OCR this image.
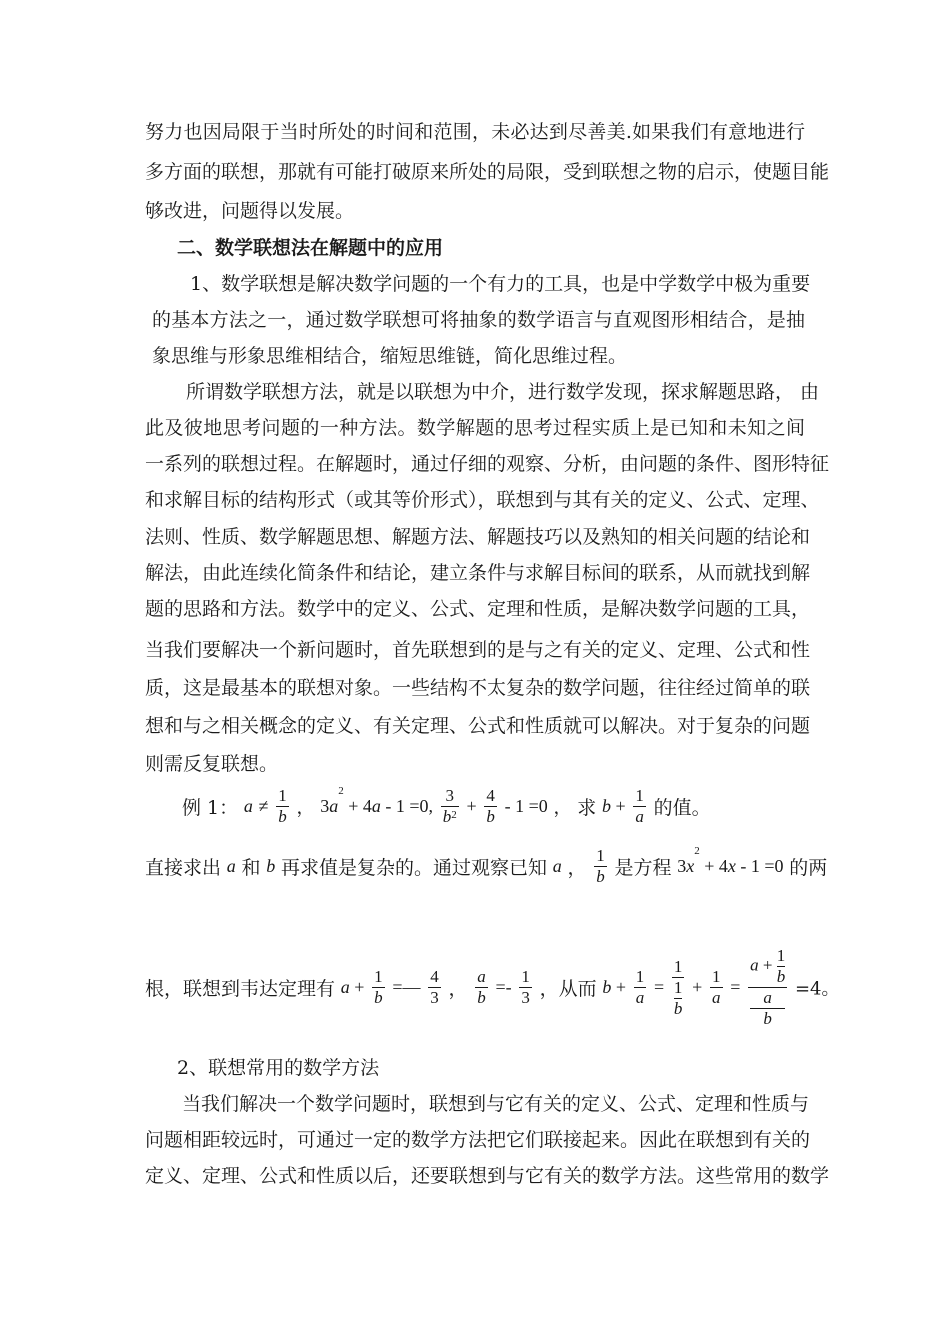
努力也因局限于当时所处的时间和范围，未必达到尽善美.如果我们有意地进行
多方面的联想，那就有可能打破原来所处的局限，受到联想之物的启示，使题目能
够改进，问题得以发展。
二、数学联想法在解题中的应用
1、数学联想是解决数学问题的一个有力的工具，也是中学数学中极为重要
的基本方法之一，通过数学联想可将抽象的数学语言与直观图形相结合，是抽
象思维与形象思维相结合，缩短思维链，简化思维过程。
所谓数学联想方法，就是以联想为中介，进行数学发现，探求解题思路， 由
此及彼地思考问题的一种方法。数学解题的思考过程实质上是已知和未知之间
一系列的联想过程。在解题时，通过仔细的观察、分析，由问题的条件、图形特征
和求解目标的结构形式（或其等价形式），联想到与其有关的定义、公式、定理、
法则、性质、数学解题思想、解题方法、解题技巧以及熟知的相关问题的结论和
解法，由此连续化简条件和结论，建立条件与求解目标间的联系，从而就找到解
题的思路和方法。数学中的定义、公式、定理和性质，是解决数学问题的工具，
当我们要解决一个新问题时，首先联想到的是与之有关的定义、定理、公式和性
质，这是最基本的联想对象。一些结构不太复杂的数学问题，往往经过简单的联
想和与之相关概念的定义、有关定理、公式和性质就可以解决。对于复杂的问题
则需反复联想。
例 1： $a \ne \frac{1}{b}$ ， $3a^2 + 4a - 1 =0$, $\frac{3}{b^2} + \frac{4}{b} - 1 =0$ ， 求 $b + \frac{1}{a}$ 的值。
直接求出 a 和 b 再求值是复杂的。通过观察已知 a ， $\frac{1}{b}$ 是方程 $3x^2 + 4x - 1 =0$ 的两
根，联想到韦达定理有 $a + \frac{1}{b}$ =— $\frac{4}{3}$ ， $\frac{a}{b} =- \frac{1}{3}$ ，从而 $b + \frac{1}{a} = 1$
1
$b + \frac{1}{a} = a + \frac{1}{b}$
a
b =4。
2、联想常用的数学方法
当我们解决一个数学问题时，联想到与它有关的定义、公式、定理和性质与
问题相距较远时，可通过一定的数学方法把它们联接起来。因此在联想到有关的
定义、定理、公式和性质以后，还要联想到与它有关的数学方法。这些常用的数学
